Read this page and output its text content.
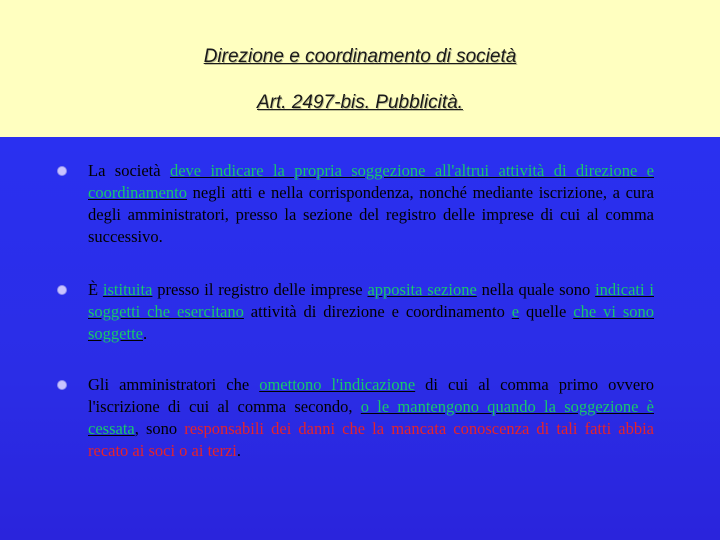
Direzione e coordinamento di società
Art. 2497-bis. Pubblicità.

La società deve indicare la propria soggezione all'altrui attività di direzione e coordinamento negli atti e nella corrispondenza, nonché mediante iscrizione, a cura degli amministratori, presso la sezione del registro delle imprese di cui al comma successivo.

È istituita presso il registro delle imprese apposita sezione nella quale sono indicati i soggetti che esercitano attività di direzione e coordinamento e quelle che vi sono soggette.

Gli amministratori che omettono l'indicazione di cui al comma primo ovvero l'iscrizione di cui al comma secondo, o le mantengono quando la soggezione è cessata, sono responsabili dei danni che la mancata conoscenza di tali fatti abbia recato ai soci o ai terzi.
